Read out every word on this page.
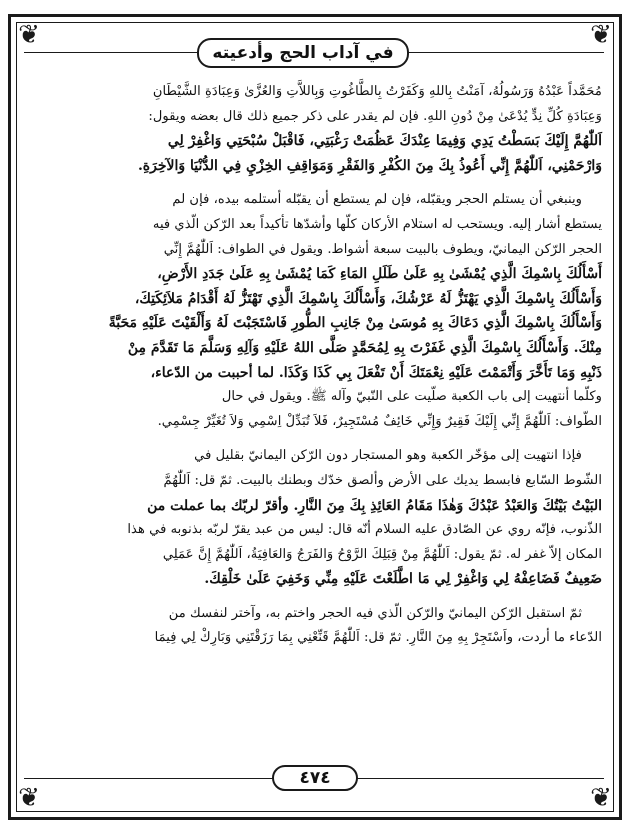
❦	❦
❦	❦
في آداب الحج وأدعيته

مُحَمَّداً عَبْدُهُ وَرَسُولُهُ، آمَنْتُ بِاللهِ وَكَفَرْتُ بِالطَّاغُوتِ وَبِاللاَّتِ وَالعُزَّىٰ وَعِبَادَةِ الشَّيْطَانِ

وَعِبَادَةِ كُلِّ نِدٍّ يُدْعَىٰ مِنْ دُونِ اللهِ. فإن لم يقدر على ذكر جميع ذلك قال بعضه ويقول:

اَللّٰهُمَّ إِلَيْكَ بَسَطْتُ يَدِي وَفِيمَا عِنْدَكَ عَظُمَتْ رَغْبَتِي، فَاقْبَلْ سُبْحَتِي وَاغْفِرْ لِي

وَارْحَمْنِي، اَللّٰهُمَّ إِنِّي أَعُوذُ بِكَ مِنَ الكُفْرِ وَالفَقْرِ وَمَوَاقِفِ الخِزْيِ فِي الدُّنْيَا وَالآخِرَةِ.

وينبغي أن يستلم الحجر ويقبّله، فإن لم يستطع أن يقبّله أستلمه بيده، فإن لم

يستطع أشار إليه. ويستحب له استلام الأركان كلّها وأشدّها تأكيداً بعد الرّكن الّذي فيه

الحجر الرّكن اليمانيّ، ويطوف بالبيت سبعة أشواط. ويقول في الطواف: اَللّٰهُمَّ إِنِّي

أَسْأَلُكَ بِاسْمِكَ الَّذِي يُمْشَىٰ بِهِ عَلَىٰ طَلَلِ المَاءِ كَمَا يُمْشَىٰ بِهِ عَلَىٰ جَدَدِ الأَرْضِ،

وَأَسْأَلُكَ بِاسْمِكَ الَّذِي يَهْتَزُّ لَهُ عَرْشُكَ، وَأَسْأَلُكَ بِاسْمِكَ الَّذِي تَهْتَزُّ لَهُ أَقْدَامُ مَلاَئِكَتِكَ،

وَأَسْأَلُكَ بِاسْمِكَ الَّذِي دَعَاكَ بِهِ مُوسَىٰ مِنْ جَانِبِ الطُّورِ فَاسْتَجَبْتَ لَهُ وَأَلْقَيْتَ عَلَيْهِ مَحَبَّةً

مِنْكَ. وَأَسْأَلُكَ بِاسْمِكَ الَّذِي غَفَرْتَ بِهِ لِمُحَمَّدٍ صَلَّى اللهُ عَلَيْهِ وَآلِهِ وَسَلَّمَ مَا تَقَدَّمَ مِنْ

ذَنْبِهِ وَمَا تَأَخَّرَ وَأَتْمَمْتَ عَلَيْهِ نِعْمَتَكَ أَنْ تَفْعَلَ بِي كَذَا وَكَذَا. لما أحببت من الدّعاء،

وكلّما أنتهيت إلى باب الكعبة صلّيت على النّبيّ وآله ﷺ. ويقول في حال

الطّواف: اَللّٰهُمَّ إِنِّي إِلَيْكَ فَقِيرٌ وَإِنِّي خَائِفٌ مُسْتَجِيرٌ، فَلاَ تُبَدِّلْ اِسْمِي وَلاَ تُغَيِّرْ جِسْمِي.

فإذا انتهيت إلى مؤخّر الكعبة وهو المستجار دون الرّكن اليمانيّ بقليل في

الشّوط السّابع فابسط يديك على الأرض وألصق خدّك وبطنك بالبيت. ثمّ قل: اَللّٰهُمَّ

البَيْتُ بَيْتُكَ وَالعَبْدُ عَبْدُكَ وَهٰذَا مَقَامُ العَائِذِ بِكَ مِنَ النَّارِ. وأقرّ لربّك بما عملت من

الذّنوب، فإنّه روي عن الصّادق عليه السلام أنّه قال: ليس من عبد يقرّ لربّه بذنوبه في هذا

المكان إلاّ غفر له. ثمّ يقول: اَللّٰهُمَّ مِنْ قِبَلِكَ الرَّوْحُ وَالفَرَجُ وَالعَافِيَةُ، اَللّٰهُمَّ إِنَّ عَمَلِي

ضَعِيفٌ فَضَاعِفْهُ لِي وَاغْفِرْ لِي مَا اطَّلَعْتَ عَلَيْهِ مِنِّي وَخَفِيَ عَلَىٰ خَلْقِكَ.

ثمّ استقبل الرّكن اليمانيّ والرّكن الّذي فيه الحجر واختم به، وآختر لنفسك من

الدّعاء ما أردت، واَسْتَجِرْ بِهِ مِنَ النَّارِ. ثمّ قل: اَللّٰهُمَّ قَنِّعْنِي بِمَا رَزَقْتَنِي وَبَارِكْ لِي فِيمَا

٤٧٤
